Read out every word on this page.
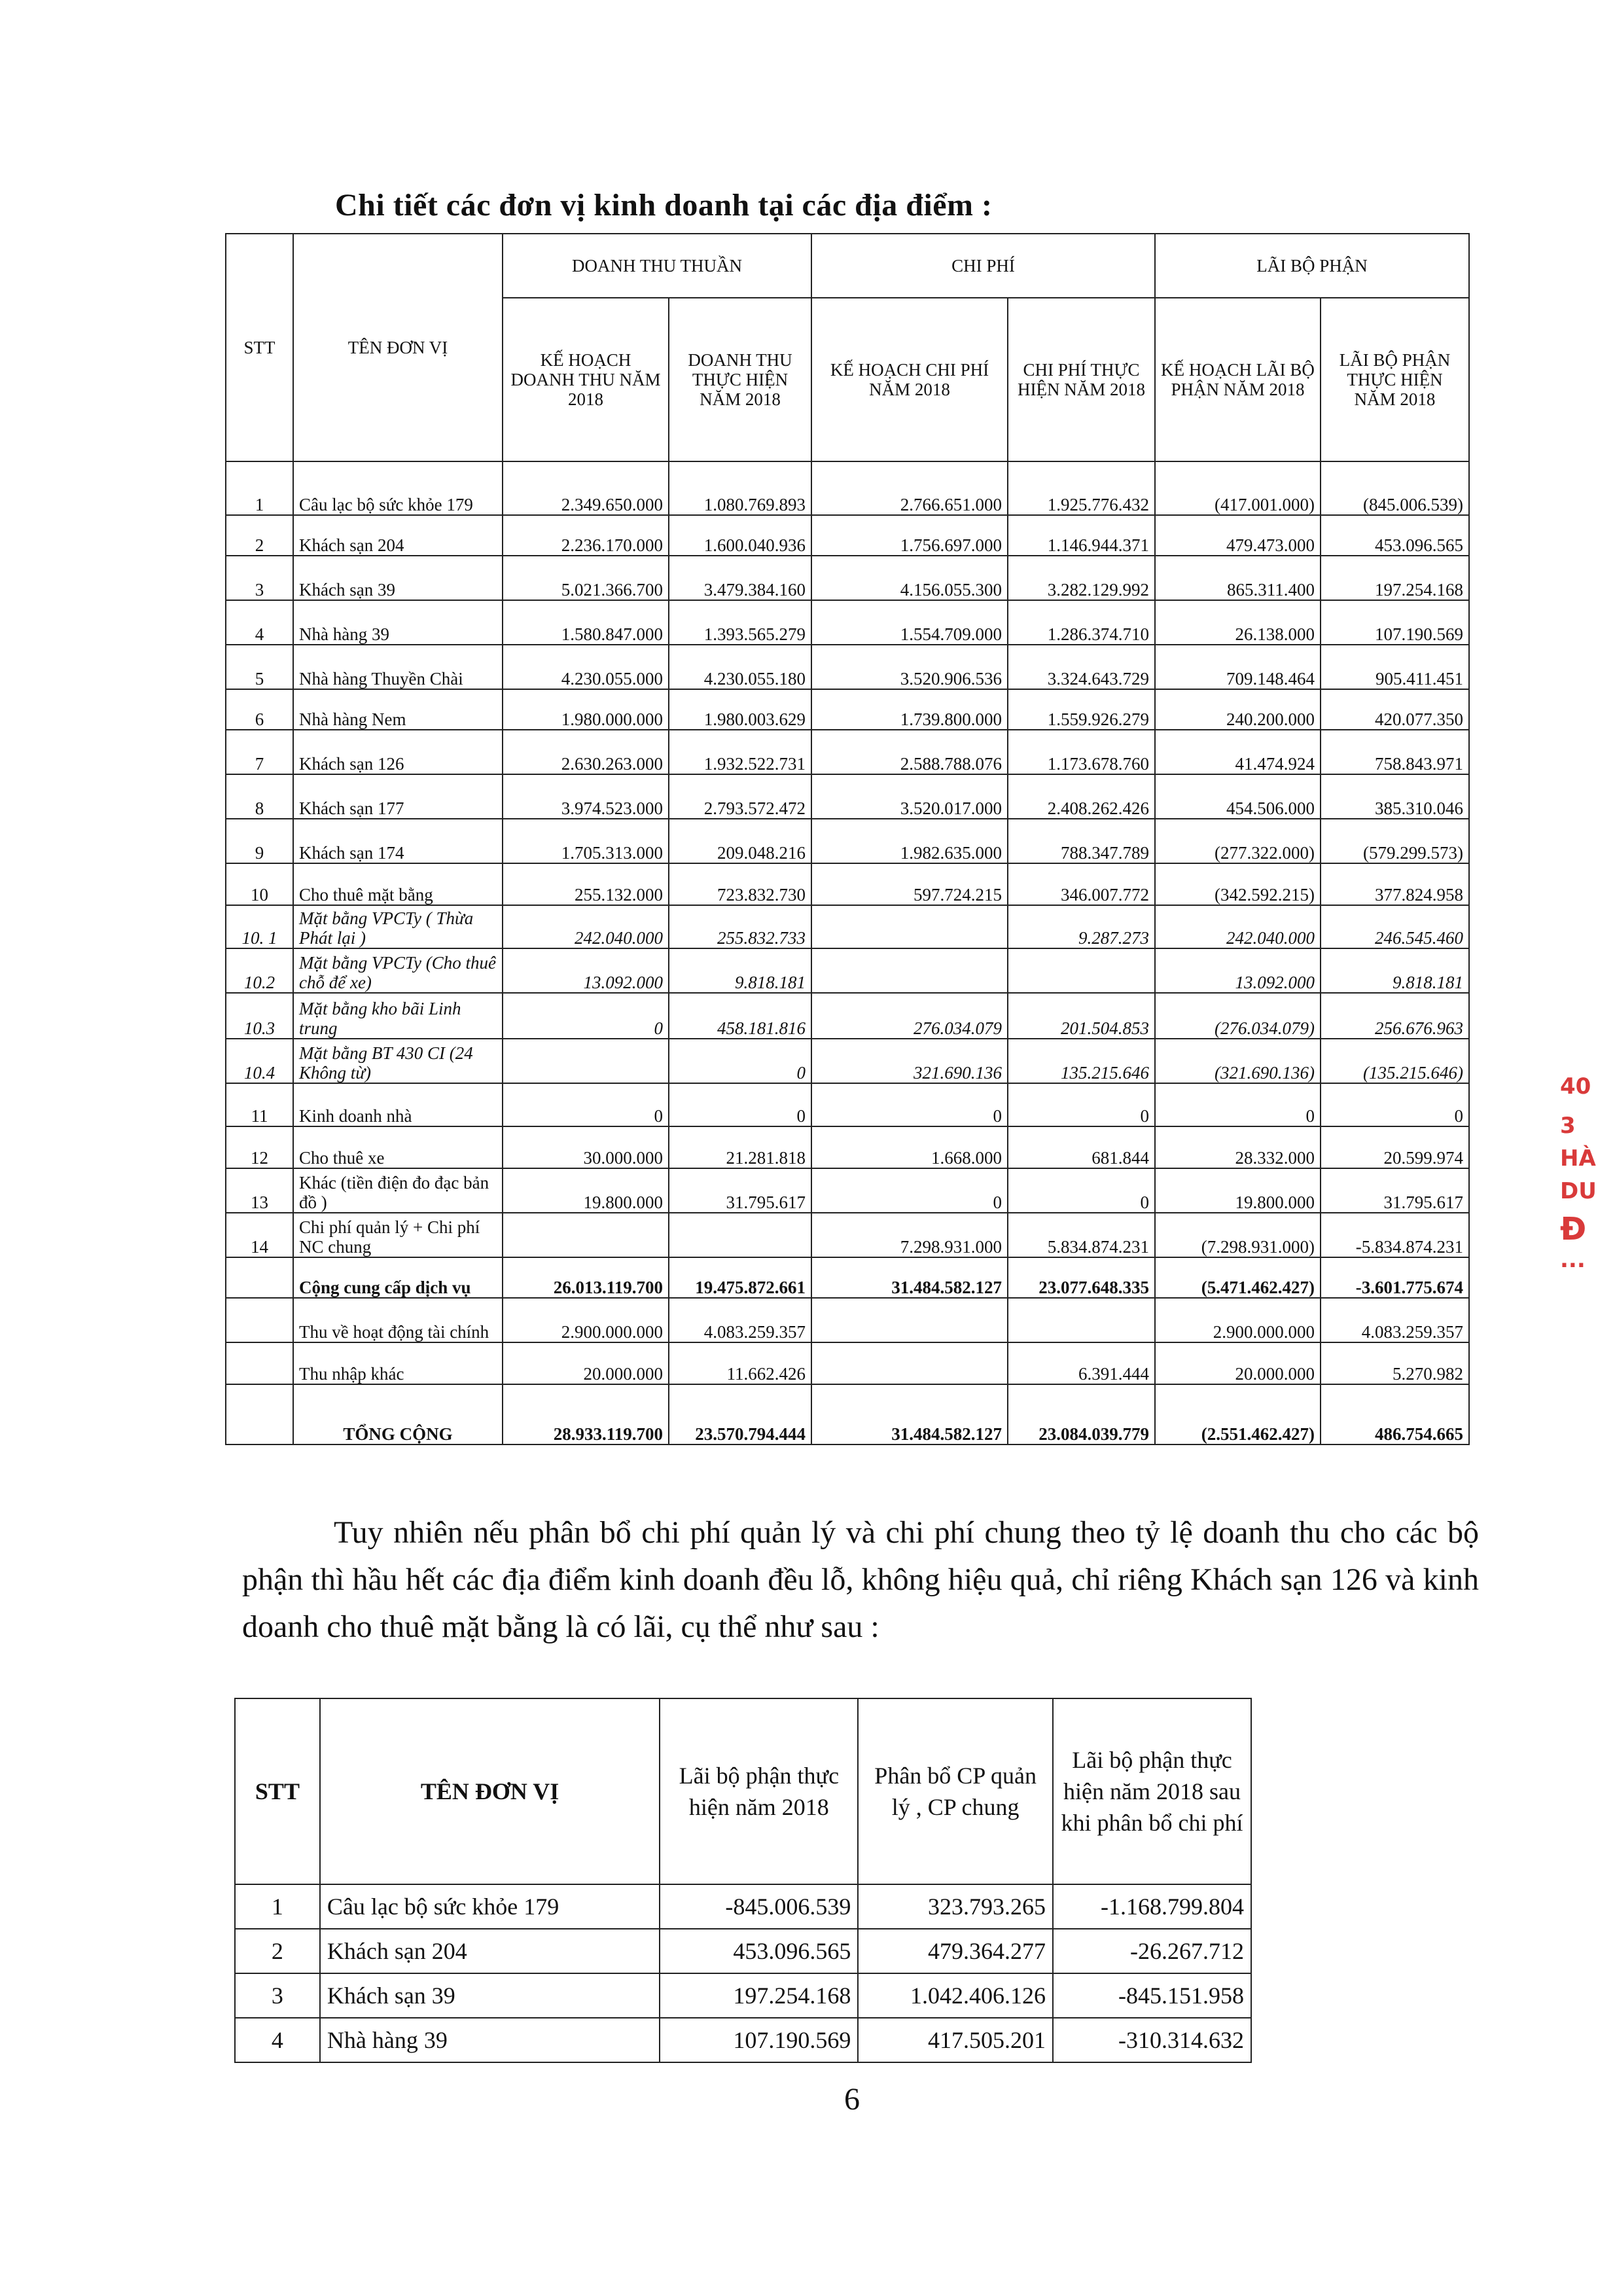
Chi tiết các đơn vị kinh doanh tại các địa điểm :
STT	TÊN ĐƠN VỊ	DOANH THU THUẦN		CHI PHÍ		LÃI BỘ PHẬN	
		KẾ HOẠCH DOANH THU NĂM 2018	DOANH THU THỰC HIỆN NĂM 2018	KẾ HOẠCH CHI PHÍ NĂM 2018	CHI PHÍ THỰC HIỆN NĂM 2018	KẾ HOẠCH LÃI BỘ PHẬN NĂM 2018	LÃI BỘ PHẬN THỰC HIỆN NĂM 2018
1	Câu lạc bộ sức khỏe 179	2.349.650.000	1.080.769.893	2.766.651.000	1.925.776.432	(417.001.000)	(845.006.539)
2	Khách sạn 204	2.236.170.000	1.600.040.936	1.756.697.000	1.146.944.371	479.473.000	453.096.565
3	Khách sạn 39	5.021.366.700	3.479.384.160	4.156.055.300	3.282.129.992	865.311.400	197.254.168
4	Nhà hàng 39	1.580.847.000	1.393.565.279	1.554.709.000	1.286.374.710	26.138.000	107.190.569
5	Nhà hàng Thuyền Chài	4.230.055.000	4.230.055.180	3.520.906.536	3.324.643.729	709.148.464	905.411.451
6	Nhà hàng Nem	1.980.000.000	1.980.003.629	1.739.800.000	1.559.926.279	240.200.000	420.077.350
7	Khách sạn 126	2.630.263.000	1.932.522.731	2.588.788.076	1.173.678.760	41.474.924	758.843.971
8	Khách sạn 177	3.974.523.000	2.793.572.472	3.520.017.000	2.408.262.426	454.506.000	385.310.046
9	Khách sạn 174	1.705.313.000	209.048.216	1.982.635.000	788.347.789	(277.322.000)	(579.299.573)
10	Cho thuê mặt bằng	255.132.000	723.832.730	597.724.215	346.007.772	(342.592.215)	377.824.958
10. 1	Mặt bằng VPCTy ( Thừa Phát lại )	242.040.000	255.832.733		9.287.273	242.040.000	246.545.460
10.2	Mặt bằng VPCTy (Cho thuê chỗ để xe)	13.092.000	9.818.181			13.092.000	9.818.181
10.3	Mặt bằng kho bãi Linh trung	0	458.181.816	276.034.079	201.504.853	(276.034.079)	256.676.963
10.4	Mặt bằng BT 430 CI (24 Không từ)		0	321.690.136	135.215.646	(321.690.136)	(135.215.646)
11	Kinh doanh nhà	0	0	0	0	0	0
12	Cho thuê xe	30.000.000	21.281.818	1.668.000	681.844	28.332.000	20.599.974
13	Khác (tiền điện đo đạc bản đồ )	19.800.000	31.795.617	0	0	19.800.000	31.795.617
14	Chi phí quản lý + Chi phí NC chung			7.298.931.000	5.834.874.231	(7.298.931.000)	-5.834.874.231
	Cộng cung cấp dịch vụ	26.013.119.700	19.475.872.661	31.484.582.127	23.077.648.335	(5.471.462.427)	-3.601.775.674
	Thu về hoạt động tài chính	2.900.000.000	4.083.259.357			2.900.000.000	4.083.259.357
	Thu nhập khác	20.000.000	11.662.426		6.391.444	20.000.000	5.270.982
	TỔNG CỘNG	28.933.119.700	23.570.794.444	31.484.582.127	23.084.039.779	(2.551.462.427)	486.754.665
Tuy nhiên nếu phân bổ chi phí quản lý và chi phí chung theo tỷ lệ doanh thu cho các bộ phận thì hầu hết các địa điểm kinh doanh đều lỗ, không hiệu quả, chỉ riêng Khách sạn 126 và kinh doanh cho thuê mặt bằng là có lãi, cụ thể như sau :
STT	TÊN ĐƠN VỊ	Lãi bộ phận thực hiện năm 2018	Phân bổ CP quản lý , CP chung	Lãi bộ phận thực hiện năm 2018 sau khi phân bổ chi phí
1	Câu lạc bộ sức khỏe 179	-845.006.539	323.793.265	-1.168.799.804
2	Khách sạn 204	453.096.565	479.364.277	-26.267.712
3	Khách sạn 39	197.254.168	1.042.406.126	-845.151.958
4	Nhà hàng 39	107.190.569	417.505.201	-310.314.632
6
40
3
HÀ
DU
Đ
...
